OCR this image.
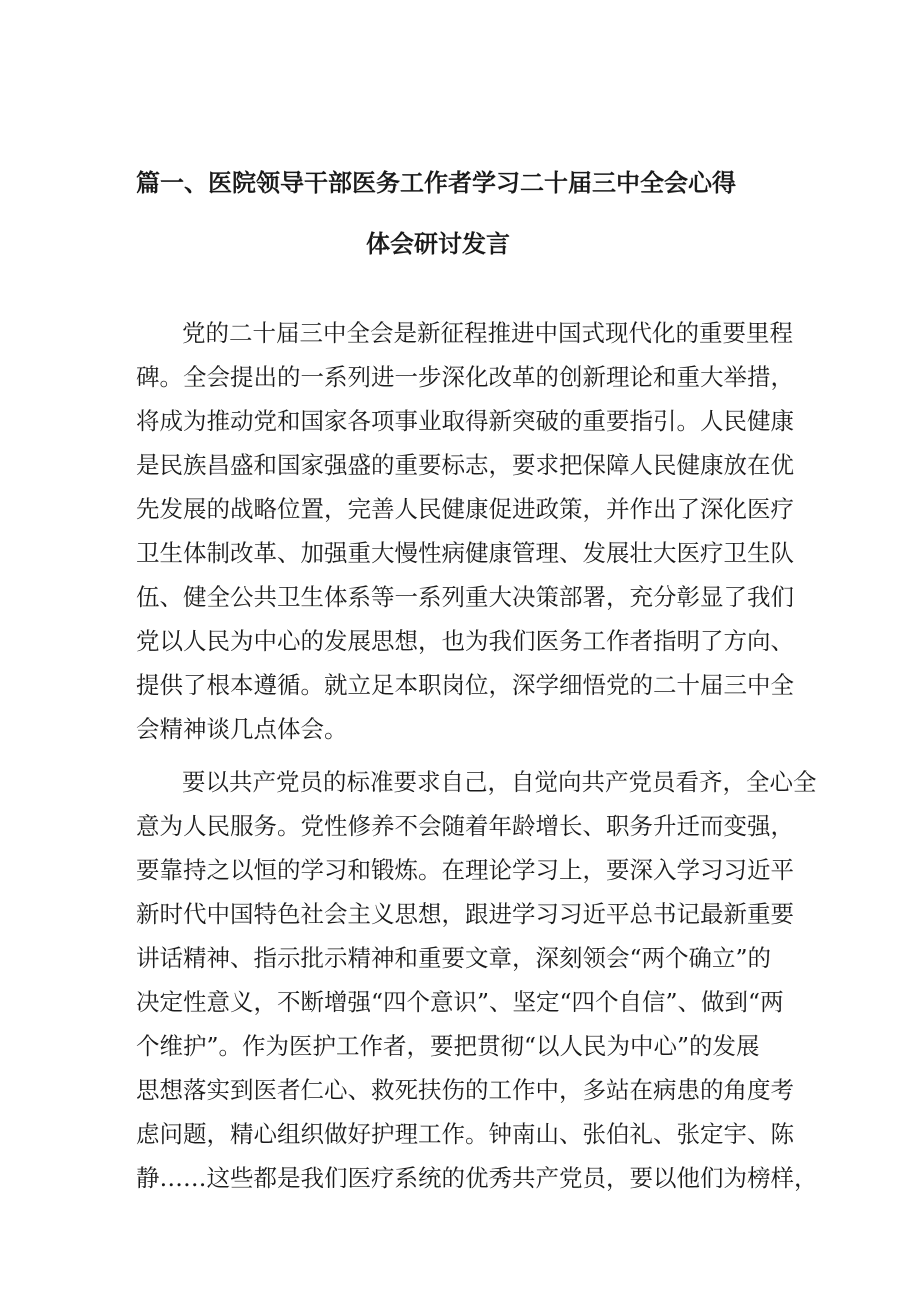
篇一、医院领导干部医务工作者学习二十届三中全会心得
体会研讨发言
党的二十届三中全会是新征程推进中国式现代化的重要里程
碑。全会提出的一系列进一步深化改革的创新理论和重大举措，
将成为推动党和国家各项事业取得新突破的重要指引。人民健康
是民族昌盛和国家强盛的重要标志，要求把保障人民健康放在优
先发展的战略位置，完善人民健康促进政策，并作出了深化医疗
卫生体制改革、加强重大慢性病健康管理、发展壮大医疗卫生队
伍、健全公共卫生体系等一系列重大决策部署，充分彰显了我们
党以人民为中心的发展思想，也为我们医务工作者指明了方向、
提供了根本遵循。就立足本职岗位，深学细悟党的二十届三中全
会精神谈几点体会。
要以共产党员的标准要求自己，自觉向共产党员看齐，全心全
意为人民服务。党性修养不会随着年龄增长、职务升迁而变强，
要靠持之以恒的学习和锻炼。在理论学习上，要深入学习习近平
新时代中国特色社会主义思想，跟进学习习近平总书记最新重要
讲话精神、指示批示精神和重要文章，深刻领会“两个确立”的
决定性意义，不断增强“四个意识”、坚定“四个自信”、做到“两
个维护”。作为医护工作者，要把贯彻“以人民为中心”的发展
思想落实到医者仁心、救死扶伤的工作中，多站在病患的角度考
虑问题，精心组织做好护理工作。钟南山、张伯礼、张定宇、陈
静……这些都是我们医疗系统的优秀共产党员，要以他们为榜样，
